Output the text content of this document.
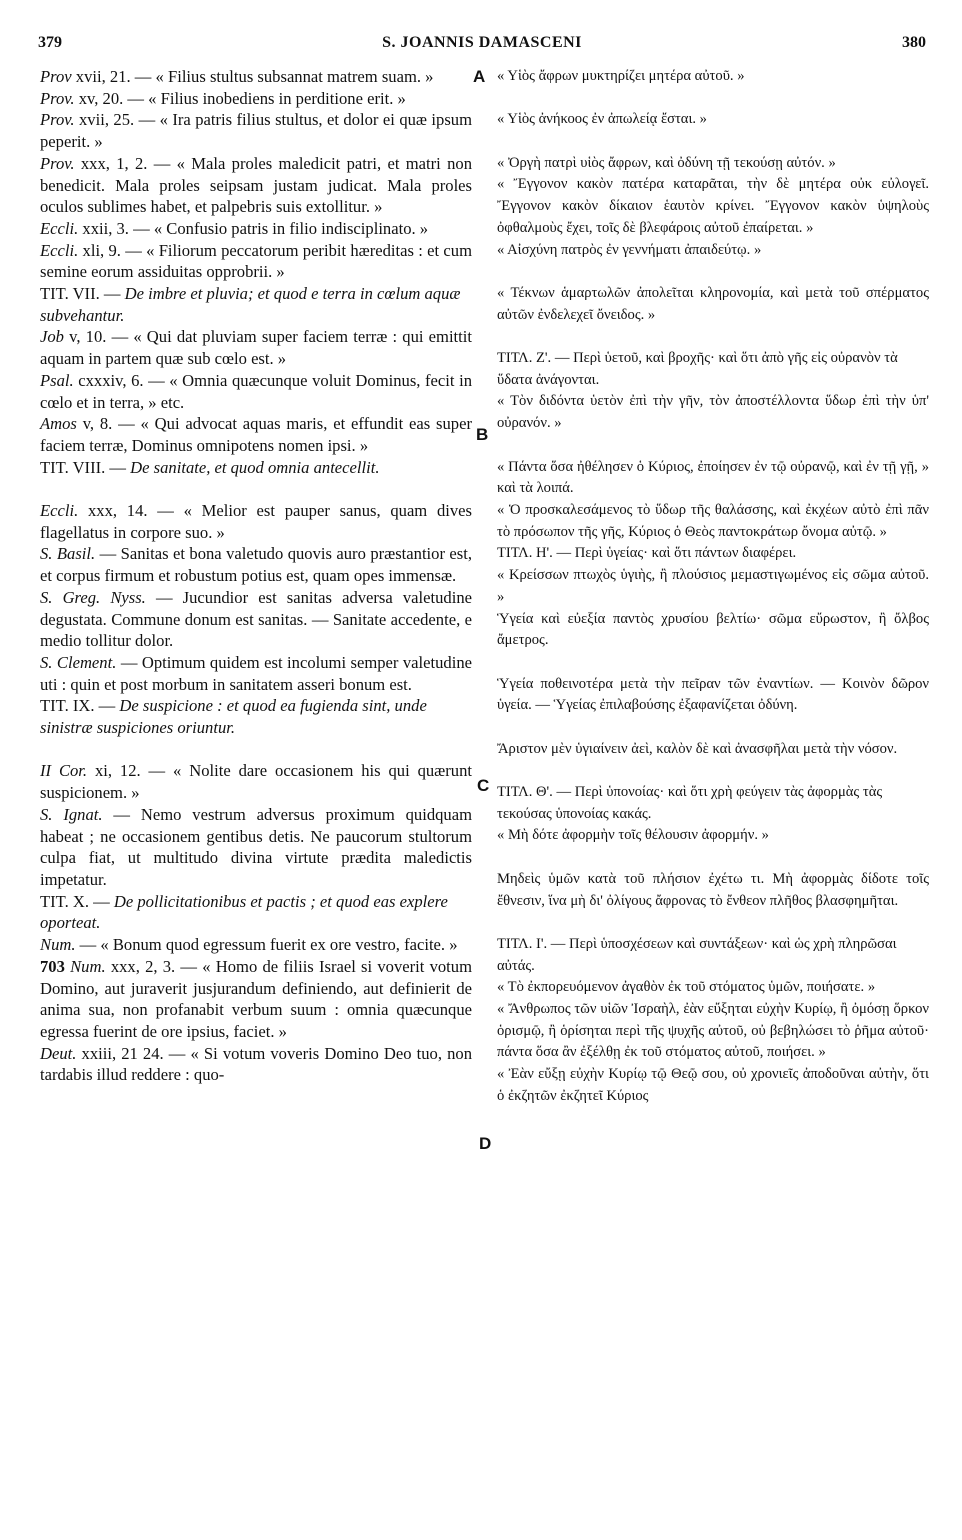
379	S. JOANNIS DAMASCENI	380

Prov xvii, 21. — « Filius stultus subsannat matrem suam. »

Prov. xv, 20. — « Filius inobediens in perditione erit. »

Prov. xvii, 25. — « Ira patris filius stultus, et dolor ei quæ ipsum peperit. »

Prov. xxx, 1, 2. — « Mala proles maledicit patri, et matri non benedicit. Mala proles seipsam justam judicat. Mala proles oculos sublimes habet, et palpebris suis extollitur. »

Eccli. xxii, 3. — « Confusio patris in filio indisciplinato. »

Eccli. xli, 9. — « Filiorum peccatorum peribit hæreditas : et cum semine eorum assiduitas opprobrii. »

TIT. VII. — De imbre et pluvia; et quod e terra in cœlum aquæ subvehantur.

Job v, 10. — « Qui dat pluviam super faciem terræ : qui emittit aquam in partem quæ sub cœlo est. »

Psal. cxxxiv, 6. — « Omnia quæcunque voluit Dominus, fecit in cœlo et in terra, » etc.

Amos v, 8. — « Qui advocat aquas maris, et effundit eas super faciem terræ, Dominus omnipotens nomen ipsi. »

TIT. VIII. — De sanitate, et quod omnia antecellit.

Eccli. xxx, 14. — « Melior est pauper sanus, quam dives flagellatus in corpore suo. »

S. Basil. — Sanitas et bona valetudo quovis auro præstantior est, et corpus firmum et robustum potius est, quam opes immensæ.

S. Greg. Nyss. — Jucundior est sanitas adversa valetudine degustata. Commune donum est sanitas. — Sanitate accedente, e medio tollitur dolor.

S. Clement. — Optimum quidem est incolumi semper valetudine uti : quin et post morbum in sanitatem asseri bonum est.

TIT. IX. — De suspicione : et quod ea fugienda sint, unde sinistræ suspiciones oriuntur.

II Cor. xi, 12. — « Nolite dare occasionem his qui quærunt suspicionem. »

S. Ignat. — Nemo vestrum adversus proximum quidquam habeat ; ne occasionem gentibus detis. Ne paucorum stultorum culpa fiat, ut multitudo divina virtute prædita maledictis impetatur.

TIT. X. — De pollicitationibus et pactis ; et quod eas explere oporteat.

Num. — « Bonum quod egressum fuerit ex ore vestro, facite. »

703 Num. xxx, 2, 3. — « Homo de filiis Israel si voverit votum Domino, aut juraverit jusjurandum definiendo, aut definierit de anima sua, non profanabit verbum suum : omnia quæcunque egressa fuerint de ore ipsius, faciet. »

Deut. xxiii, 21 24. — « Si votum voveris Domino Deo tuo, non tardabis illud reddere : quo-

« Υἱὸς ἄφρων μυκτηρίζει μητέρα αὐτοῦ. »

« Υἱὸς ἀνήκοος ἐν ἀπωλείᾳ ἔσται. »

« Ὀργὴ πατρὶ υἱὸς ἄφρων, καὶ ὀδύνη τῇ τεκούσῃ αὐτόν. »

« Ἔγγονον κακὸν πατέρα καταρᾶται, τὴν δὲ μητέρα οὐκ εὐλογεῖ. Ἔγγονον κακὸν δίκαιον ἑαυτὸν κρίνει. Ἔγγονον κακὸν ὑψηλοὺς ὀφθαλμοὺς ἔχει, τοῖς δὲ βλεφάροις αὐτοῦ ἐπαίρεται. »

« Αἰσχύνη πατρὸς ἐν γεννήματι ἀπαιδεύτῳ. »

« Τέκνων ἁμαρτωλῶν ἀπολεῖται κληρονομία, καὶ μετὰ τοῦ σπέρματος αὐτῶν ἐνδελεχεῖ ὄνειδος. »

ΤΙΤΛ. Ζ'. — Περὶ ὑετοῦ, καὶ βροχῆς· καὶ ὅτι ἀπὸ γῆς εἰς οὐρανὸν τὰ ὕδατα ἀνάγονται.

« Τὸν διδόντα ὑετὸν ἐπὶ τὴν γῆν, τὸν ἀποστέλλοντα ὕδωρ ἐπὶ τὴν ὑπ' οὐρανόν. »

« Πάντα ὅσα ἠθέλησεν ὁ Κύριος, ἐποίησεν ἐν τῷ οὐρανῷ, καὶ ἐν τῇ γῇ, » καὶ τὰ λοιπά.

« Ὁ προσκαλεσάμενος τὸ ὕδωρ τῆς θαλάσσης, καὶ ἐκχέων αὐτὸ ἐπὶ πᾶν τὸ πρόσωπον τῆς γῆς, Κύριος ὁ Θεὸς παντοκράτωρ ὄνομα αὐτῷ. »

ΤΙΤΛ. Η'. — Περὶ ὑγείας· καὶ ὅτι πάντων διαφέρει.

« Κρείσσων πτωχὸς ὑγιὴς, ἢ πλούσιος μεμαστιγωμένος εἰς σῶμα αὐτοῦ. »

Ὑγεία καὶ εὐεξία παντὸς χρυσίου βελτίω· σῶμα εὔρωστον, ἢ ὄλβος ἄμετρος.

Ὑγεία ποθεινοτέρα μετὰ τὴν πεῖραν τῶν ἐναντίων. — Κοινὸν δῶρον ὑγεία. — Ὑγείας ἐπιλαβούσης ἐξαφανίζεται ὀδύνη.

Ἄριστον μὲν ὑγιαίνειν ἀεὶ, καλὸν δὲ καὶ ἀνασφῆλαι μετὰ τὴν νόσον.

ΤΙΤΛ. Θ'. — Περὶ ὑπονοίας· καὶ ὅτι χρὴ φεύγειν τὰς ἀφορμὰς τὰς τεκούσας ὑπονοίας κακάς.

« Μὴ δότε ἀφορμὴν τοῖς θέλουσιν ἀφορμήν. »

Μηδεὶς ὑμῶν κατὰ τοῦ πλήσιον ἐχέτω τι. Μὴ ἀφορμὰς δίδοτε τοῖς ἔθνεσιν, ἵνα μὴ δι' ὀλίγους ἄφρονας τὸ ἔνθεον πλῆθος βλασφημῆται.

ΤΙΤΛ. Ι'. — Περὶ ὑποσχέσεων καὶ συντάξεων· καὶ ὡς χρὴ πληρῶσαι αὐτάς.

« Τὸ ἐκπορευόμενον ἀγαθὸν ἐκ τοῦ στόματος ὑμῶν, ποιήσατε. »

« Ἄνθρωπος τῶν υἱῶν Ἰσραὴλ, ἐὰν εὔξηται εὐχὴν Κυρίῳ, ἢ ὀμόσῃ ὅρκον ὁρισμῷ, ἢ ὁρίσηται περὶ τῆς ψυχῆς αὐτοῦ, οὐ βεβηλώσει τὸ ῥῆμα αὐτοῦ· πάντα ὅσα ἂν ἐξέλθῃ ἐκ τοῦ στόματος αὐτοῦ, ποιήσει. »

« Ἐὰν εὔξῃ εὐχὴν Κυρίῳ τῷ Θεῷ σου, οὐ χρονιεῖς ἀποδοῦναι αὐτὴν, ὅτι ὁ ἐκζητῶν ἐκζητεῖ Κύριος

A
B
C
D
